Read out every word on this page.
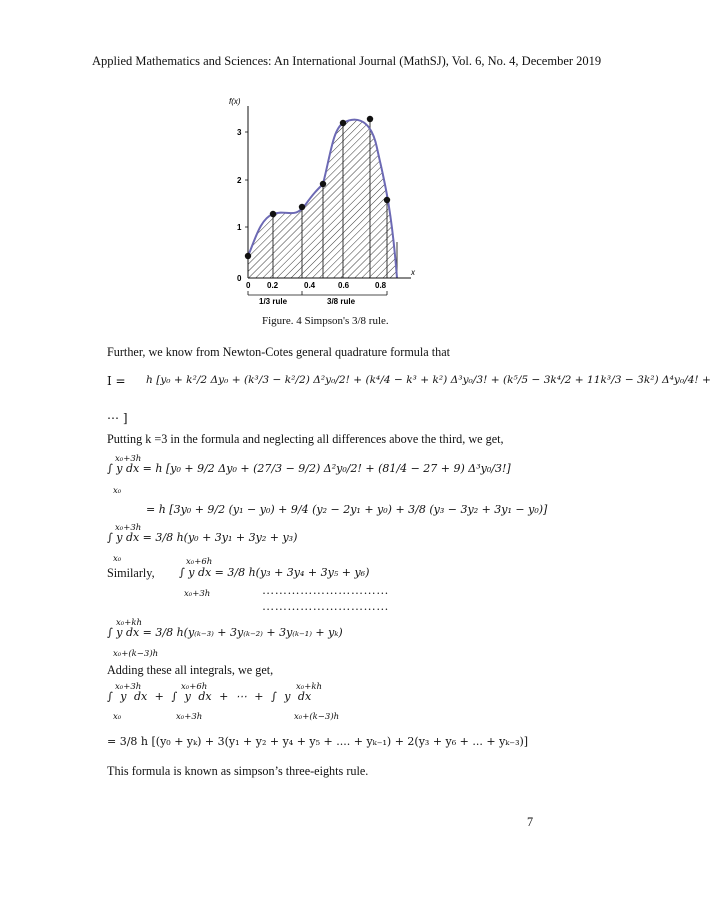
Applied Mathematics and Sciences: An International Journal (MathSJ), Vol. 6, No. 4, December 2019
f(x)
x
0
1
2
3
0 0.2	0.4	0.6	0.8
1/3 rule	3/8 rule
Figure. 4 Simpson's 3/8 rule.
Further, we know from Newton-Cotes general quadrature formula that
I = h [y₀ + k²/2 Δy₀ + (k³/3 − k²/2) Δ²y₀/2! + (k⁴/4 − k³ + k²) Δ³y₀/3! + (k⁵/5 − 3k⁴/2 + 11k³/3 − 3k²) Δ⁴y₀/4! +
⋯ ]
Putting k =3 in the formula and neglecting all differences above the third, we get,
x₀+3h
∫ y dx = h [y₀ + 9/2 Δy₀ + (27/3 − 9/2) Δ²y₀/2! + (81/4 − 27 + 9) Δ³y₀/3!]
x₀
= h [3y₀ + 9/2 (y₁ − y₀) + 9/4 (y₂ − 2y₁ + y₀) + 3/8 (y₃ − 3y₂ + 3y₁ − y₀)]
x₀+3h
∫ y dx = 3/8 h(y₀ + 3y₁ + 3y₂ + y₃)
x₀
Similarly,
x₀+6h
∫ y dx = 3/8 h(y₃ + 3y₄ + 3y₅ + y₆)
x₀+3h	…………………………
…………………………
x₀+kh
∫ y dx = 3/8 h(y₍ₖ₋₃₎ + 3y₍ₖ₋₂₎ + 3y₍ₖ₋₁₎ + yₖ)
x₀+(k−3)h
Adding these all integrals, we get,
x₀+3h	x₀+6h	x₀+kh
∫ y dx + ∫ y dx + ⋯ + ∫ y dx
x₀	x₀+3h	x₀+(k−3)h
= 3/8 h [(y₀ + yₖ) + 3(y₁ + y₂ + y₄ + y₅ + .... + yₖ₋₁) + 2(y₃ + y₆ + ... + yₖ₋₃)]
This formula is known as simpson’s three-eights rule.
7
